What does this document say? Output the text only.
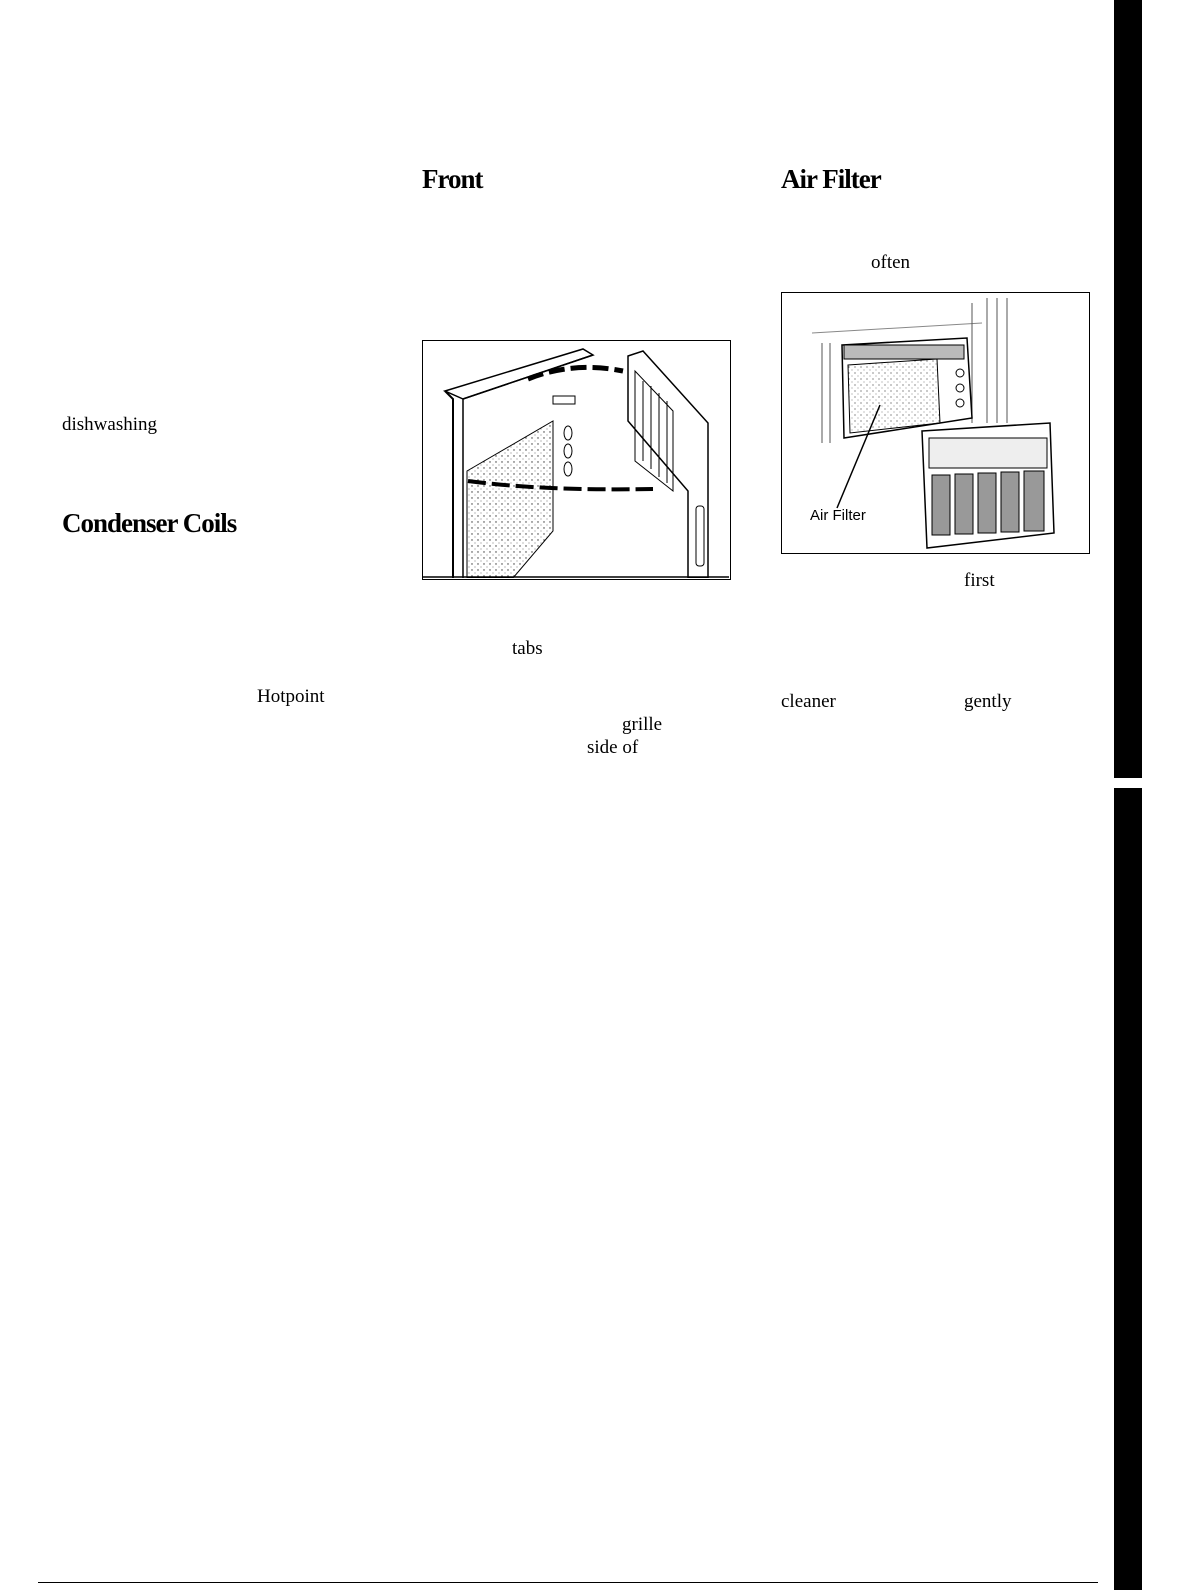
Front	Air Filter
Condenser Coils
often
dishwashing
first
tabs
Hotpoint	cleaner	gently
grille
side of
Air Filter
